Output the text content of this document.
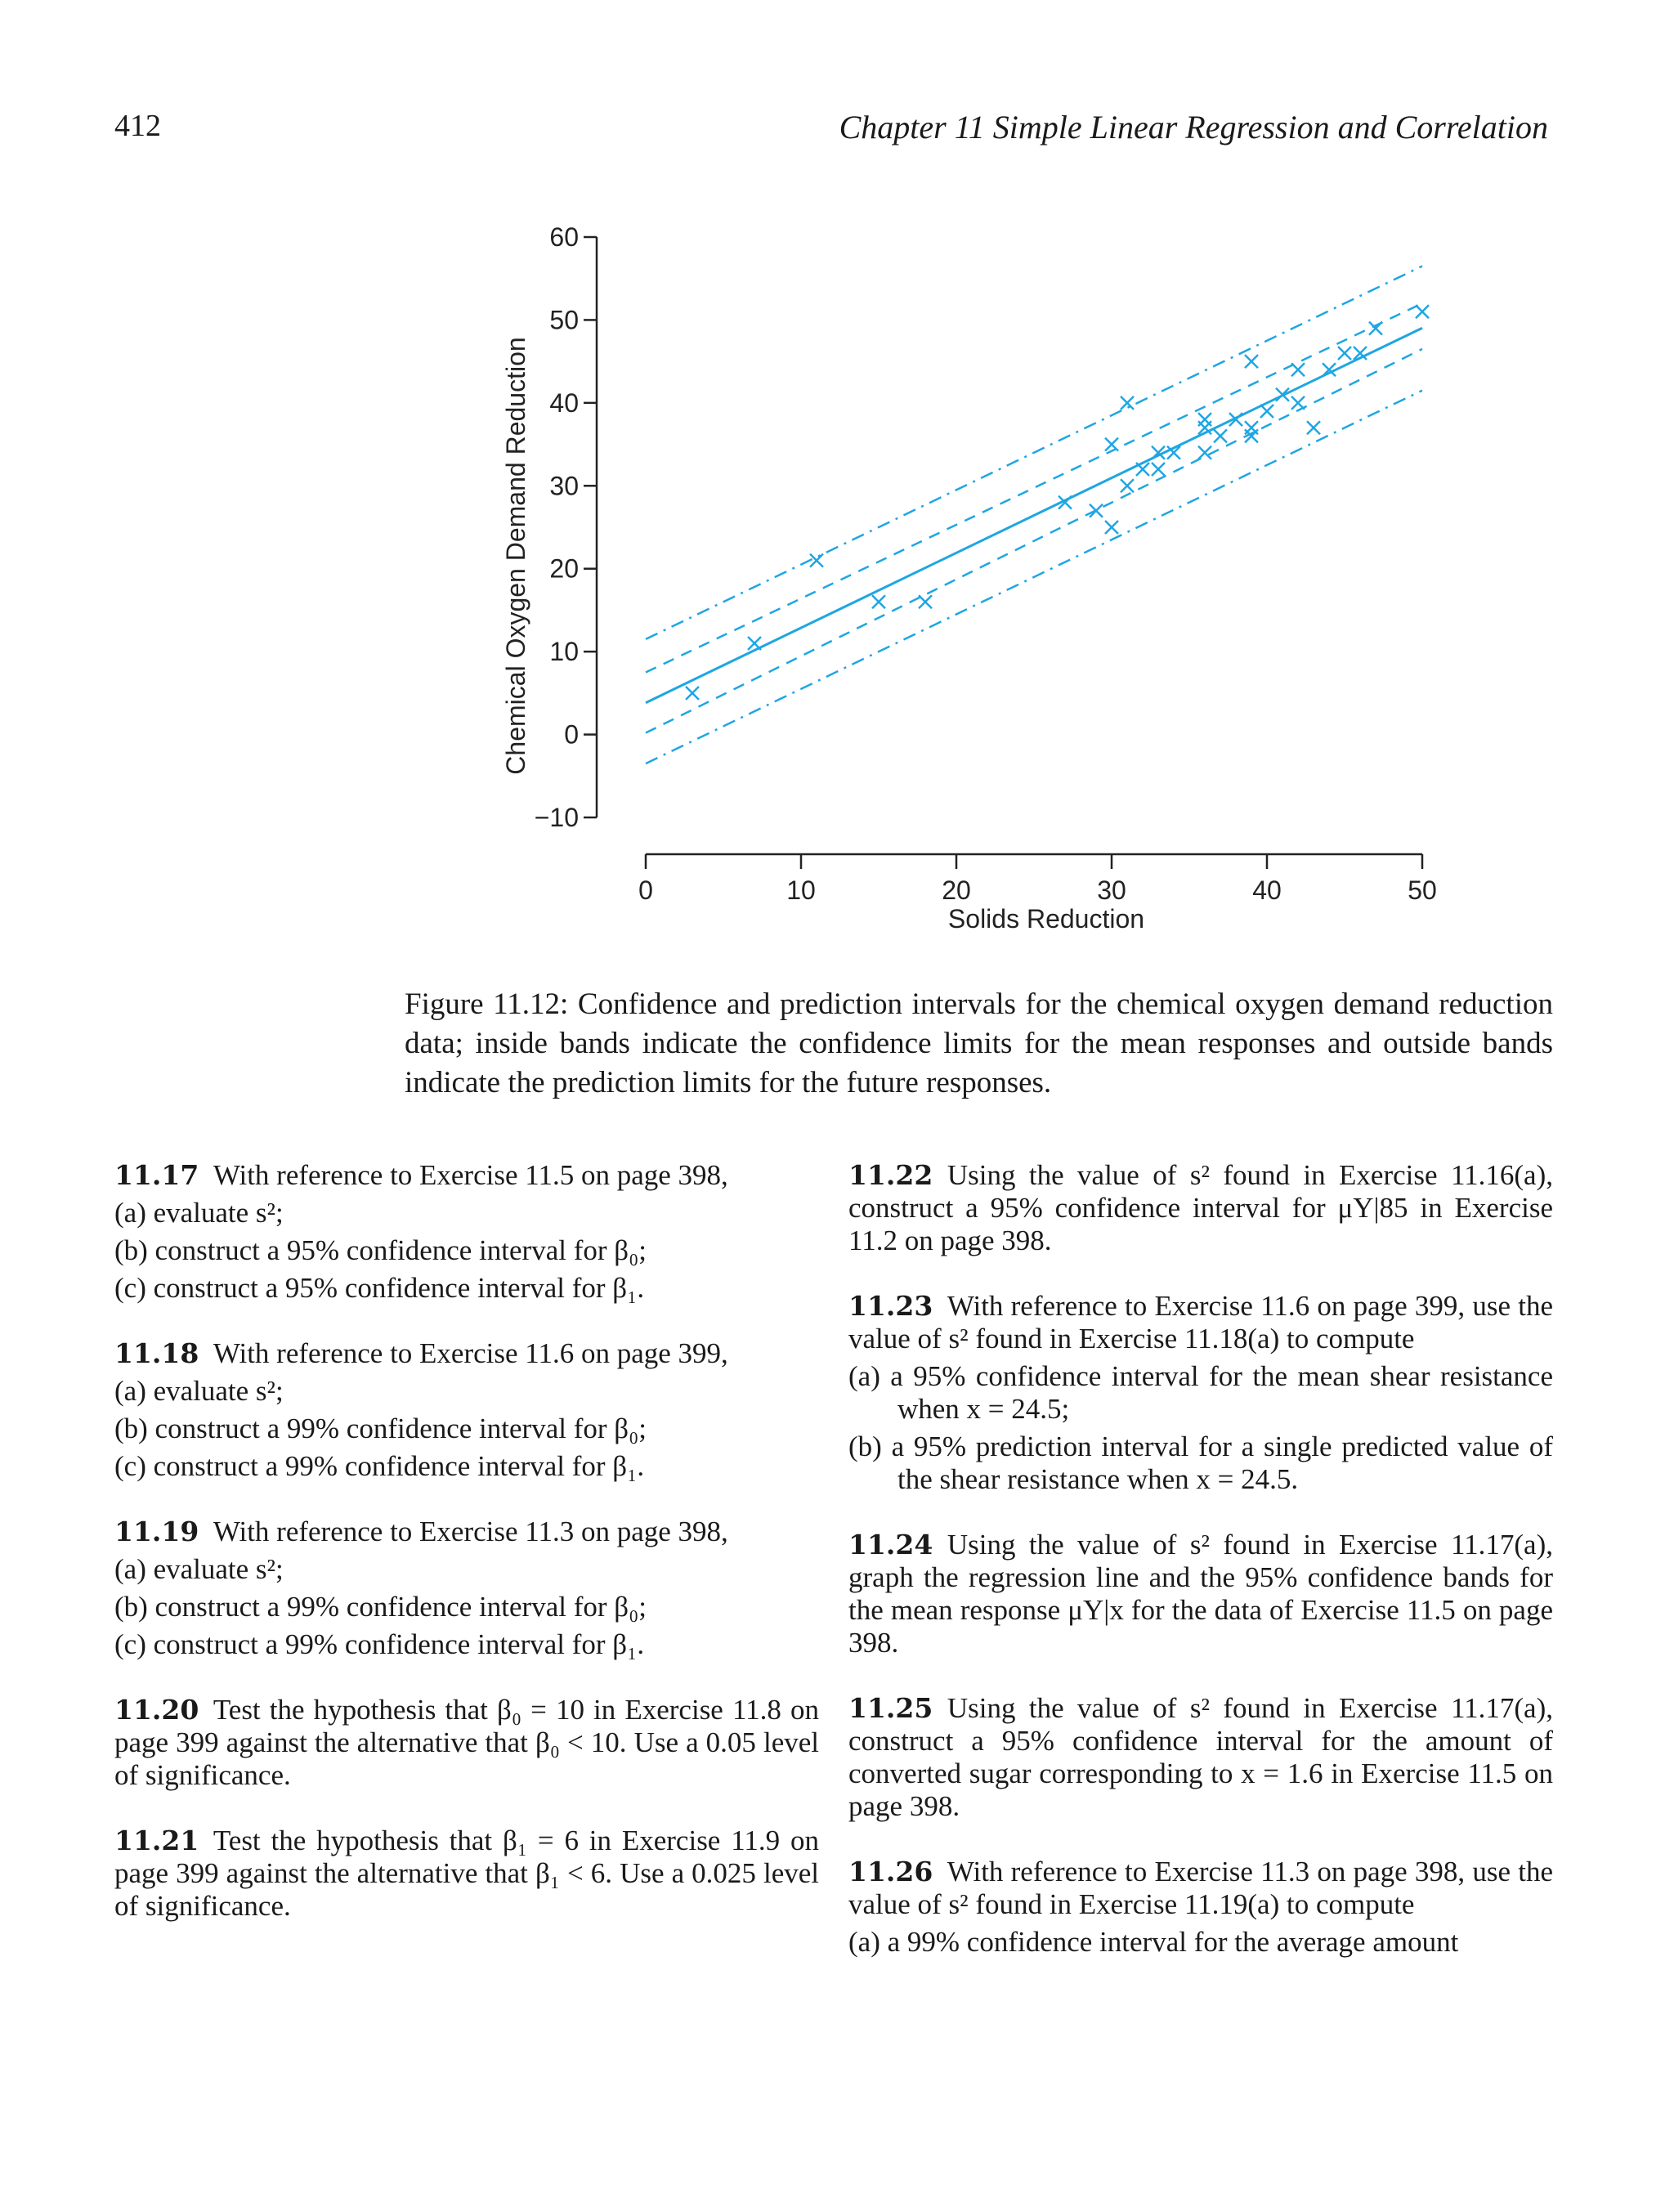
412	Chapter 11 Simple Linear Regression and Correlation
−10
0
10
20
30
40
50
60
0	10	20	30	40	50
Solids Reduction
Chemical Oxygen Demand Reduction
Figure 11.12: Confidence and prediction intervals for the chemical oxygen demand reduction data; inside bands indicate the confidence limits for the mean responses and outside bands indicate the prediction limits for the future responses.

11.17  With reference to Exercise 11.5 on page 398,

(a) evaluate s²;
(b) construct a 95% confidence interval for β₀;
(c) construct a 95% confidence interval for β₁.

11.18  With reference to Exercise 11.6 on page 399,

(a) evaluate s²;
(b) construct a 99% confidence interval for β₀;
(c) construct a 99% confidence interval for β₁.

11.19  With reference to Exercise 11.3 on page 398,

(a) evaluate s²;
(b) construct a 99% confidence interval for β₀;
(c) construct a 99% confidence interval for β₁.

11.20  Test the hypothesis that β₀ = 10 in Exercise 11.8 on page 399 against the alternative that β₀ < 10. Use a 0.05 level of significance.

11.21  Test the hypothesis that β₁ = 6 in Exercise 11.9 on page 399 against the alternative that β₁ < 6. Use a 0.025 level of significance.

11.22  Using the value of s² found in Exercise 11.16(a), construct a 95% confidence interval for μY|85 in Exercise 11.2 on page 398.

11.23  With reference to Exercise 11.6 on page 399, use the value of s² found in Exercise 11.18(a) to compute

(a) a 95% confidence interval for the mean shear resistance when x = 24.5;
(b) a 95% prediction interval for a single predicted value of the shear resistance when x = 24.5.

11.24  Using the value of s² found in Exercise 11.17(a), graph the regression line and the 95% confidence bands for the mean response μY|x for the data of Exercise 11.5 on page 398.

11.25  Using the value of s² found in Exercise 11.17(a), construct a 95% confidence interval for the amount of converted sugar corresponding to x = 1.6 in Exercise 11.5 on page 398.

11.26  With reference to Exercise 11.3 on page 398, use the value of s² found in Exercise 11.19(a) to compute

(a) a 99% confidence interval for the average amount
